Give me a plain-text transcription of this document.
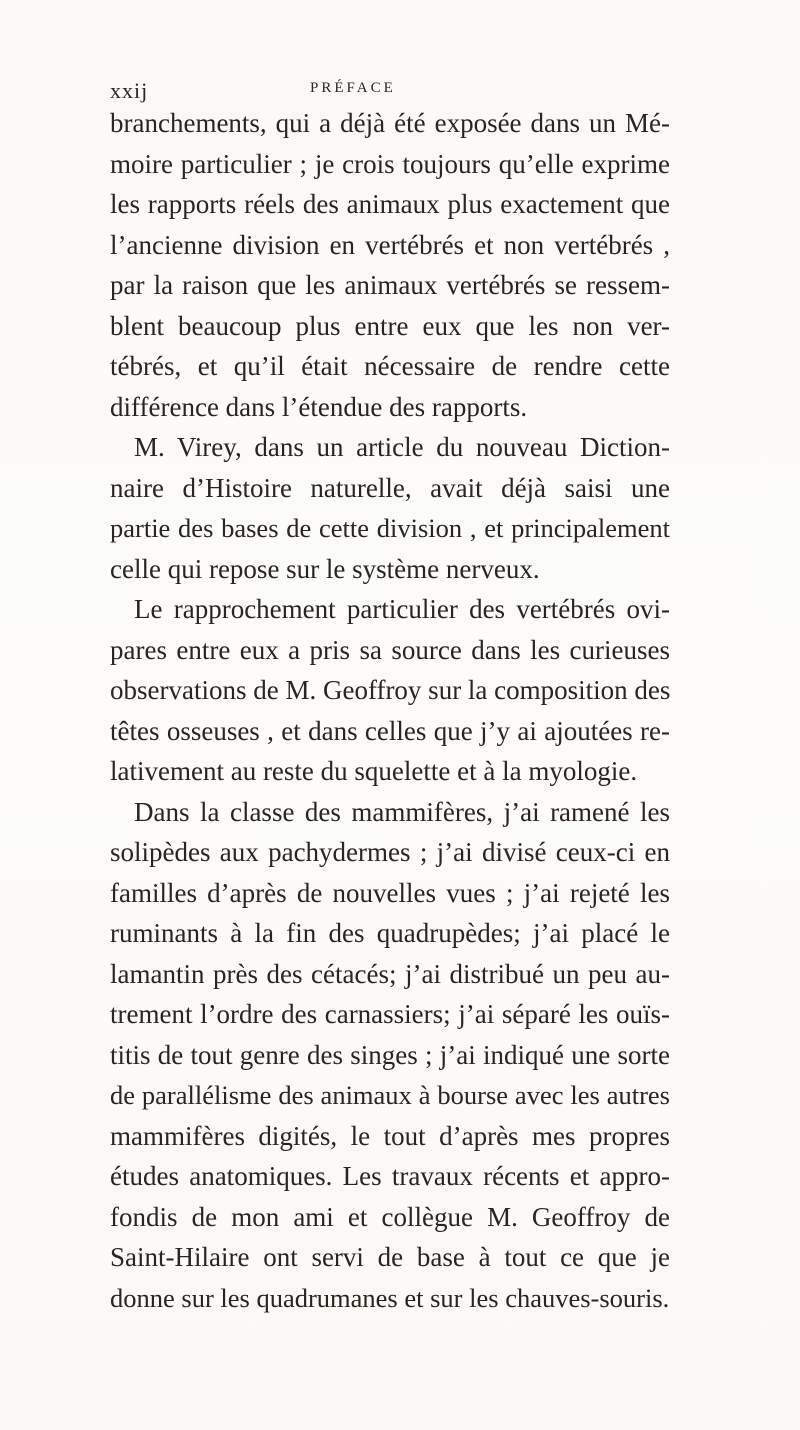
xxij	PRÉFACE
branchements, qui a déjà été exposée dans un Mé-
moire particulier ; je crois toujours qu’elle exprime
les rapports réels des animaux plus exactement que
l’ancienne division en vertébrés et non vertébrés ,
par la raison que les animaux vertébrés se ressem-
blent beaucoup plus entre eux que les non ver-
tébrés, et qu’il était nécessaire de rendre cette
différence dans l’étendue des rapports.
M. Virey, dans un article du nouveau Diction-
naire d’Histoire naturelle, avait déjà saisi une
partie des bases de cette division , et principalement
celle qui repose sur le système nerveux.
Le rapprochement particulier des vertébrés ovi-
pares entre eux a pris sa source dans les curieuses
observations de M. Geoffroy sur la composition des
têtes osseuses , et dans celles que j’y ai ajoutées re-
lativement au reste du squelette et à la myologie.
Dans la classe des mammifères, j’ai ramené les
solipèdes aux pachydermes ; j’ai divisé ceux-ci en
familles d’après de nouvelles vues ; j’ai rejeté les
ruminants à la fin des quadrupèdes; j’ai placé le
lamantin près des cétacés; j’ai distribué un peu au-
trement l’ordre des carnassiers; j’ai séparé les ouïs-
titis de tout genre des singes ; j’ai indiqué une sorte
de parallélisme des animaux à bourse avec les autres
mammifères digités, le tout d’après mes propres
études anatomiques. Les travaux récents et appro-
fondis de mon ami et collègue M. Geoffroy de
Saint-Hilaire ont servi de base à tout ce que je
donne sur les quadrumanes et sur les chauves-souris.
